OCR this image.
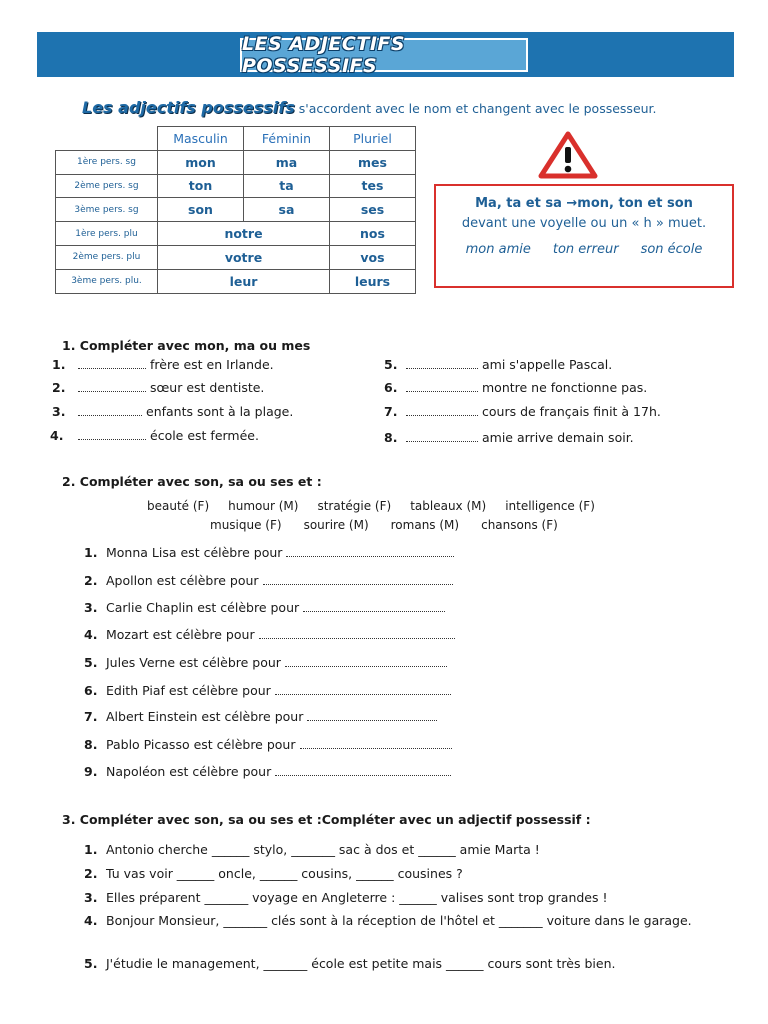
LES ADJECTIFS POSSESSIFS
Les adjectifs possessifs s'accordent avec le nom et changent avec le possesseur.
	Masculin	Féminin	Pluriel
1ère pers. sg	mon	ma	mes
2ème pers. sg	ton	ta	tes
3ème pers. sg	son	sa	ses
1ère pers. plu	notre		nos
2ème pers. plu	votre		vos
3ème pers. plu.	leur		leurs
Ma, ta et sa →mon, ton et son
devant une voyelle ou un « h » muet.
mon amie ton erreur son école
1. Compléter avec mon, ma ou mes
1.	frère est en Irlande.
2.	sœur est dentiste.
3.	enfants sont à la plage.
4.	école est fermée.
5.	ami s'appelle Pascal.
6.	montre ne fonctionne pas.
7.	cours de français finit à 17h.
8.	amie arrive demain soir.
2. Compléter avec son, sa ou ses et :
beauté (F) humour (M) stratégie (F) tableaux (M) intelligence (F)
musique (F) sourire (M) romans (M) chansons (F)
1. Monna Lisa est célèbre pour
2. Apollon est célèbre pour
3. Carlie Chaplin est célèbre pour
4. Mozart est célèbre pour
5. Jules Verne est célèbre pour
6. Edith Piaf est célèbre pour
7. Albert Einstein est célèbre pour
8. Pablo Picasso est célèbre pour
9. Napoléon est célèbre pour
3. Compléter avec son, sa ou ses et :Compléter avec un adjectif possessif :
1. Antonio cherche ______ stylo, _______ sac à dos et ______ amie Marta !
2. Tu vas voir ______ oncle, ______ cousins, ______ cousines ?
3. Elles préparent _______ voyage en Angleterre : ______ valises sont trop grandes !
4. Bonjour Monsieur, _______ clés sont à la réception de l'hôtel et _______ voiture dans le garage.
5. J'étudie le management, _______ école est petite mais ______ cours sont très bien.
